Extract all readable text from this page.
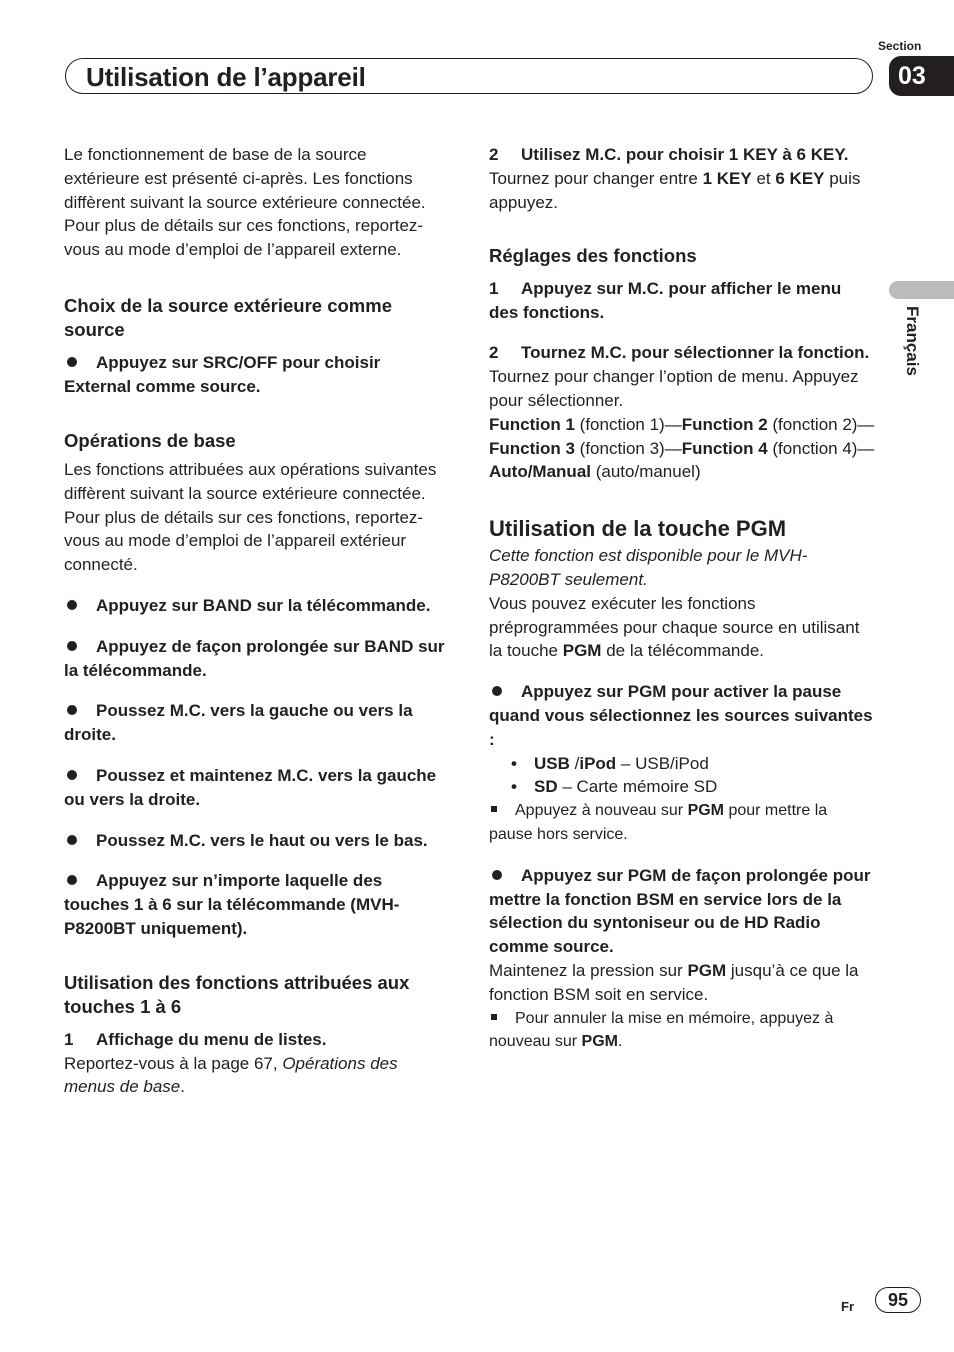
Utilisation de l’appareil
Section
03
Français

Le fonctionnement de base de la source extérieure est présenté ci-après. Les fonctions diffèrent suivant la source extérieure connectée. Pour plus de détails sur ces fonctions, reportez-vous au mode d’emploi de l’appareil externe.

Choix de la source extérieure comme source

Appuyez sur SRC/OFF pour choisir External comme source.

Opérations de base

Les fonctions attribuées aux opérations suivantes diffèrent suivant la source extérieure connectée. Pour plus de détails sur ces fonctions, reportez-vous au mode d’emploi de l’appareil extérieur connecté.

Appuyez sur BAND sur la télécommande.

Appuyez de façon prolongée sur BAND sur la télécommande.

Poussez M.C. vers la gauche ou vers la droite.

Poussez et maintenez M.C. vers la gauche ou vers la droite.

Poussez M.C. vers le haut ou vers le bas.

Appuyez sur n’importe laquelle des touches 1 à 6 sur la télécommande (MVH-P8200BT uniquement).

Utilisation des fonctions attribuées aux touches 1 à 6

1 Affichage du menu de listes.

Reportez-vous à la page 67, Opérations des menus de base.

2 Utilisez M.C. pour choisir 1 KEY à 6 KEY.

Tournez pour changer entre 1 KEY et 6 KEY puis appuyez.

Réglages des fonctions

1 Appuyez sur M.C. pour afficher le menu des fonctions.

2 Tournez M.C. pour sélectionner la fonction.

Tournez pour changer l’option de menu. Appuyez pour sélectionner.

Function 1 (fonction 1)—Function 2 (fonction 2)—Function 3 (fonction 3)—Function 4 (fonction 4)—Auto/Manual (auto/manuel)

Utilisation de la touche PGM

Cette fonction est disponible pour le MVH-P8200BT seulement.

Vous pouvez exécuter les fonctions préprogrammées pour chaque source en utilisant la touche PGM de la télécommande.

Appuyez sur PGM pour activer la pause quand vous sélectionnez les sources suivantes :

• USB /iPod – USB/iPod

• SD – Carte mémoire SD

Appuyez à nouveau sur PGM pour mettre la pause hors service.

Appuyez sur PGM de façon prolongée pour mettre la fonction BSM en service lors de la sélection du syntoniseur ou de HD Radio comme source.

Maintenez la pression sur PGM jusqu’à ce que la fonction BSM soit en service.

Pour annuler la mise en mémoire, appuyez à nouveau sur PGM.

Fr	95
